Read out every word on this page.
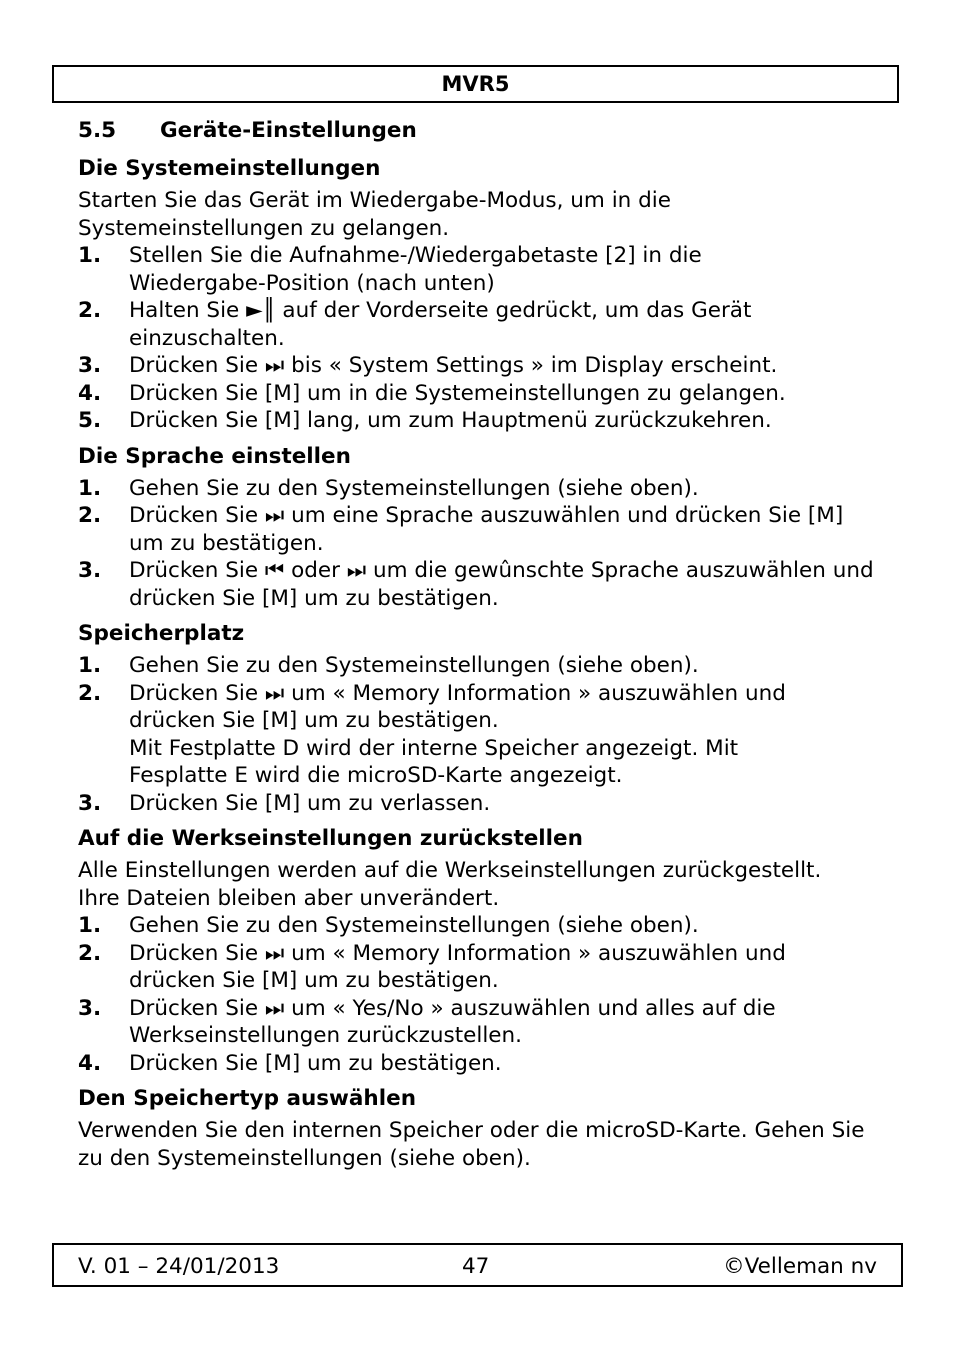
MVR5
5.5	Geräte-Einstellungen
Die Systemeinstellungen

Starten Sie das Gerät im Wiedergabe-Modus, um in die Systemeinstellungen zu gelangen.

1.	Stellen Sie die Aufnahme-/Wiedergabetaste [2] in die Wiedergabe-Position (nach unten)
2.	Halten Sie ►║ auf der Vorderseite gedrückt, um das Gerät einzuschalten.
3.	Drücken Sie ⏭ bis « System Settings » im Display erscheint.
4.	Drücken Sie [M] um in die Systemeinstellungen zu gelangen.
5.	Drücken Sie [M] lang, um zum Hauptmenü zurückzukehren.
Die Sprache einstellen
1.	Gehen Sie zu den Systemeinstellungen (siehe oben).
2.	Drücken Sie ⏭ um eine Sprache auszuwählen und drücken Sie [M] um zu bestätigen.
3.	Drücken Sie ⏮ oder ⏭ um die gewûnschte Sprache auszuwählen und drücken Sie [M] um zu bestätigen.
Speicherplatz
1.	Gehen Sie zu den Systemeinstellungen (siehe oben).
2.	Drücken Sie ⏭ um « Memory Information » auszuwählen und drücken Sie [M] um zu bestätigen.
Mit Festplatte D wird der interne Speicher angezeigt. Mit Fesplatte E wird die microSD-Karte angezeigt.
3.	Drücken Sie [M] um zu verlassen.
Auf die Werkseinstellungen zurückstellen

Alle Einstellungen werden auf die Werkseinstellungen zurückgestellt. Ihre Dateien bleiben aber unverändert.

1.	Gehen Sie zu den Systemeinstellungen (siehe oben).
2.	Drücken Sie ⏭ um « Memory Information » auszuwählen und drücken Sie [M] um zu bestätigen.
3.	Drücken Sie ⏭ um « Yes/No » auszuwählen und alles auf die Werkseinstellungen zurückzustellen.
4.	Drücken Sie [M] um zu bestätigen.
Den Speichertyp auswählen

Verwenden Sie den internen Speicher oder die microSD-Karte. Gehen Sie zu den Systemeinstellungen (siehe oben).

V. 01 – 24/01/2013	47	©Velleman nv
